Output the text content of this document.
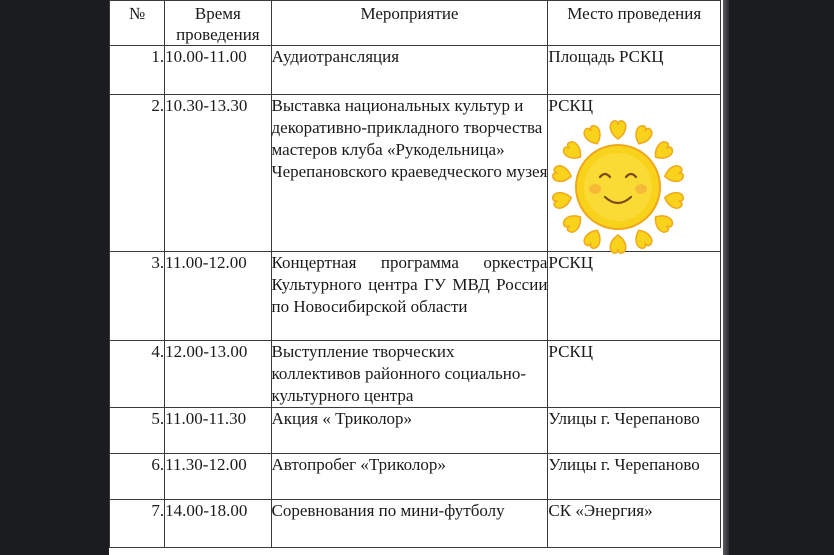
№	Время проведения	Мероприятие	Место проведения
1.	10.00-11.00	Аудиотрансляция	Площадь РСКЦ
2.	10.30-13.30	Выставка национальных культур и декоративно-прикладного творчества мастеров клуба «Рукодельница» Черепановского краеведческого музея	РСКЦ

3.	11.00-12.00	Концертная программа оркестра Культурного центра ГУ МВД России по Новосибирской области	РСКЦ
4.	12.00-13.00	Выступление творческих коллективов районного социально-культурного центра	РСКЦ
5.	11.00-11.30	Акция « Триколор»	Улицы г. Черепаново
6.	11.30-12.00	Автопробег «Триколор»	Улицы г. Черепаново
7.	14.00-18.00	Соревнования по мини-футболу	СК «Энергия»
